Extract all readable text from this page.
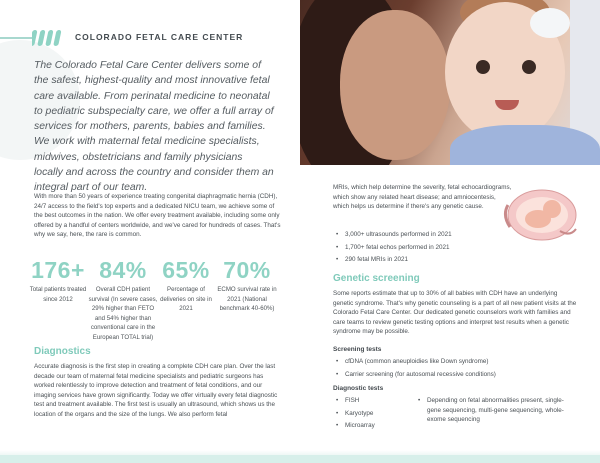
COLORADO FETAL CARE CENTER

The Colorado Fetal Care Center delivers some of the safest, highest-quality and most innovative fetal care available. From perinatal medicine to neonatal to pediatric subspecialty care, we offer a full array of services for mothers, parents, babies and families. We work with maternal fetal medicine specialists, midwives, obstetricians and family physicians locally and across the country and consider them an integral part of our team.

With more than 50 years of experience treating congenital diaphragmatic hernia (CDH), 24/7 access to the field's top experts and a dedicated NICU team, we achieve some of the best outcomes in the nation. We offer every treatment available, including some only offered by a handful of centers worldwide, and we've cared for hundreds of cases. That's why we say, here, the rare is common.

176+
Total patients treated since 2012
84%
Overall CDH patient survival (In severe cases, 29% higher than FETO and 54% higher than conventional care in the European TOTAL trial)
65%
Percentage of deliveries on site in 2021
70%
ECMO survival rate in 2021 (National benchmark 40-60%)
Diagnostics

Accurate diagnosis is the first step in creating a complete CDH care plan. Over the last decade our team of maternal fetal medicine specialists and pediatric surgeons has worked relentlessly to improve detection and treatment of fetal conditions, and our imaging services have grown significantly. Today we offer virtually every fetal diagnostic test and treatment available. The first test is usually an ultrasound, which shows us the location of the organs and the size of the lungs. We also perform fetal

MRIs, which help determine the severity, fetal echocardiograms, which show any related heart disease; and amniocentesis, which helps us determine if there's any genetic cause.

• 3,000+ ultrasounds performed in 2021
• 1,700+ fetal echos performed in 2021
• 290 fetal MRIs in 2021
Genetic screening

Some reports estimate that up to 30% of all babies with CDH have an underlying genetic syndrome. That's why genetic counseling is a part of all new patient visits at the Colorado Fetal Care Center. Our dedicated genetic counselors work with families and care teams to review genetic testing options and interpret test results when a genetic syndrome may be possible.

Screening tests
• cfDNA (common aneuploidies like Down syndrome)
• Carrier screening (for autosomal recessive conditions)
Diagnostic tests
• FISH
• Karyotype
• Microarray
• Depending on fetal abnormalities present, single-gene sequencing, multi-gene sequencing, whole-exome sequencing
